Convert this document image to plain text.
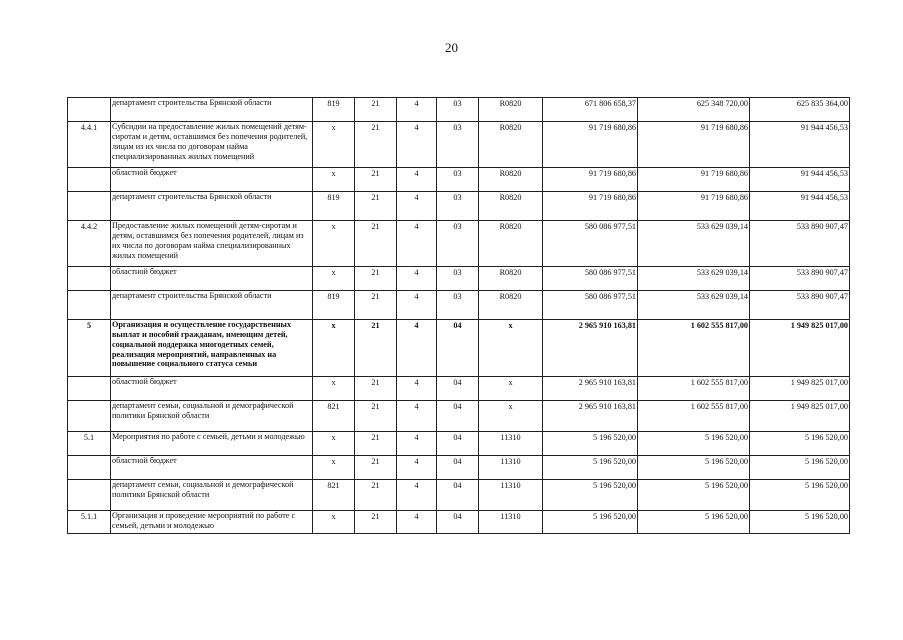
20
	департамент строительства Брянской области	819	21	4	03	R0820	671 806 658,37	625 348 720,00	625 835 364,00
4.4.1	Субсидии на предоставление жилых помещений детям-сиротам и детям, оставшимся без попечения родителей, лицам из их числа по договорам найма специализированных жилых помещений	х	21	4	03	R0820	91 719 680,86	91 719 680,86	91 944 456,53
	областной бюджет	х	21	4	03	R0820	91 719 680,86	91 719 680,86	91 944 456,53
	департамент строительства Брянской области	819	21	4	03	R0820	91 719 680,86	91 719 680,86	91 944 456,53
4.4.2	Предоставление жилых помещений детям-сиротам и детям, оставшимся без попечения родителей, лицам из их числа по договорам найма специализированных жилых помещений	х	21	4	03	R0820	580 086 977,51	533 629 039,14	533 890 907,47
	областной бюджет	х	21	4	03	R0820	580 086 977,51	533 629 039,14	533 890 907,47
	департамент строительства Брянской области	819	21	4	03	R0820	580 086 977,51	533 629 039,14	533 890 907,47
5	Организация и осуществление государственных выплат и пособий гражданам, имеющим детей, социальной поддержка многодетных семей, реализация мероприятий, направленных на повышение социального статуса семьи	х	21	4	04	х	2 965 910 163,81	1 602 555 817,00	1 949 825 017,00
	областной бюджет	х	21	4	04	х	2 965 910 163,81	1 602 555 817,00	1 949 825 017,00
	департамент семьи, социальной и демографической политики Брянской области	821	21	4	04	х	2 965 910 163,81	1 602 555 817,00	1 949 825 017,00
5.1	Мероприятия по работе с семьей, детьми и молодежью	х	21	4	04	11310	5 196 520,00	5 196 520,00	5 196 520,00
	областной бюджет	х	21	4	04	11310	5 196 520,00	5 196 520,00	5 196 520,00
	департамент семьи, социальной и демографической политики Брянской области	821	21	4	04	11310	5 196 520,00	5 196 520,00	5 196 520,00
5.1.1	Организация и проведение мероприятий по работе с семьей, детьми и молодежью	х	21	4	04	11310	5 196 520,00	5 196 520,00	5 196 520,00
